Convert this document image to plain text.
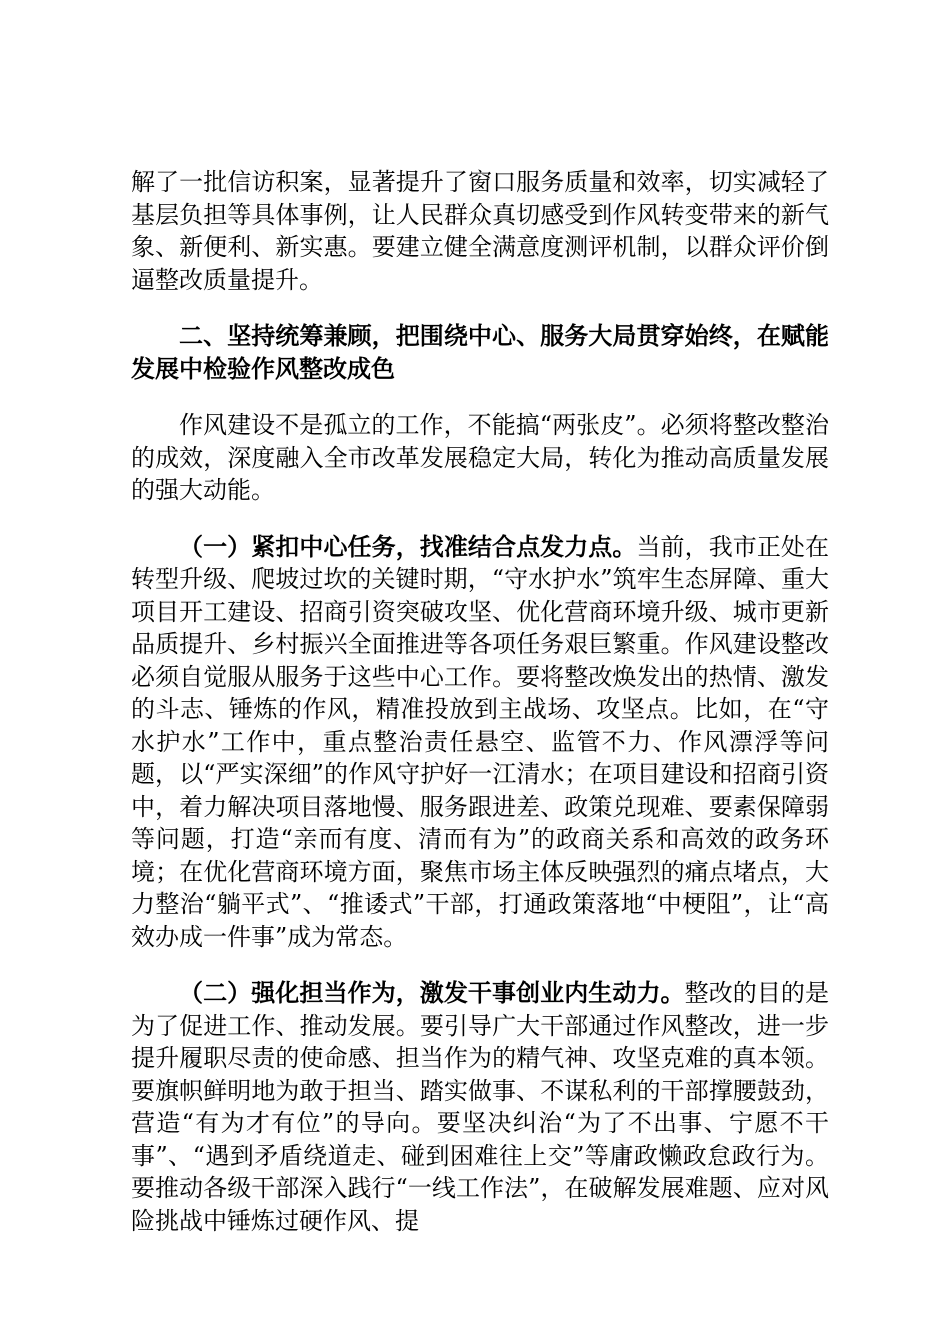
解了一批信访积案，显著提升了窗口服务质量和效率，切实减轻了基层负担等具体事例，让人民群众真切感受到作风转变带来的新气象、新便利、新实惠。要建立健全满意度测评机制，以群众评价倒逼整改质量提升。

二、坚持统筹兼顾，把围绕中心、服务大局贯穿始终，在赋能发展中检验作风整改成色

作风建设不是孤立的工作，不能搞“两张皮”。必须将整改整治的成效，深度融入全市改革发展稳定大局，转化为推动高质量发展的强大动能。

（一）紧扣中心任务，找准结合点发力点。当前，我市正处在转型升级、爬坡过坎的关键时期，“守水护水”筑牢生态屏障、重大项目开工建设、招商引资突破攻坚、优化营商环境升级、城市更新品质提升、乡村振兴全面推进等各项任务艰巨繁重。作风建设整改必须自觉服从服务于这些中心工作。要将整改焕发出的热情、激发的斗志、锤炼的作风，精准投放到主战场、攻坚点。比如，在“守水护水”工作中，重点整治责任悬空、监管不力、作风漂浮等问题，以“严实深细”的作风守护好一江清水；在项目建设和招商引资中，着力解决项目落地慢、服务跟进差、政策兑现难、要素保障弱等问题，打造“亲而有度、清而有为”的政商关系和高效的政务环境；在优化营商环境方面，聚焦市场主体反映强烈的痛点堵点，大力整治“躺平式”、“推诿式”干部，打通政策落地“中梗阻”，让“高效办成一件事”成为常态。

（二）强化担当作为，激发干事创业内生动力。整改的目的是为了促进工作、推动发展。要引导广大干部通过作风整改，进一步提升履职尽责的使命感、担当作为的精气神、攻坚克难的真本领。要旗帜鲜明地为敢于担当、踏实做事、不谋私利的干部撑腰鼓劲，营造“有为才有位”的导向。要坚决纠治“为了不出事、宁愿不干事”、“遇到矛盾绕道走、碰到困难往上交”等庸政懒政怠政行为。要推动各级干部深入践行“一线工作法”，在破解发展难题、应对风险挑战中锤炼过硬作风、提
